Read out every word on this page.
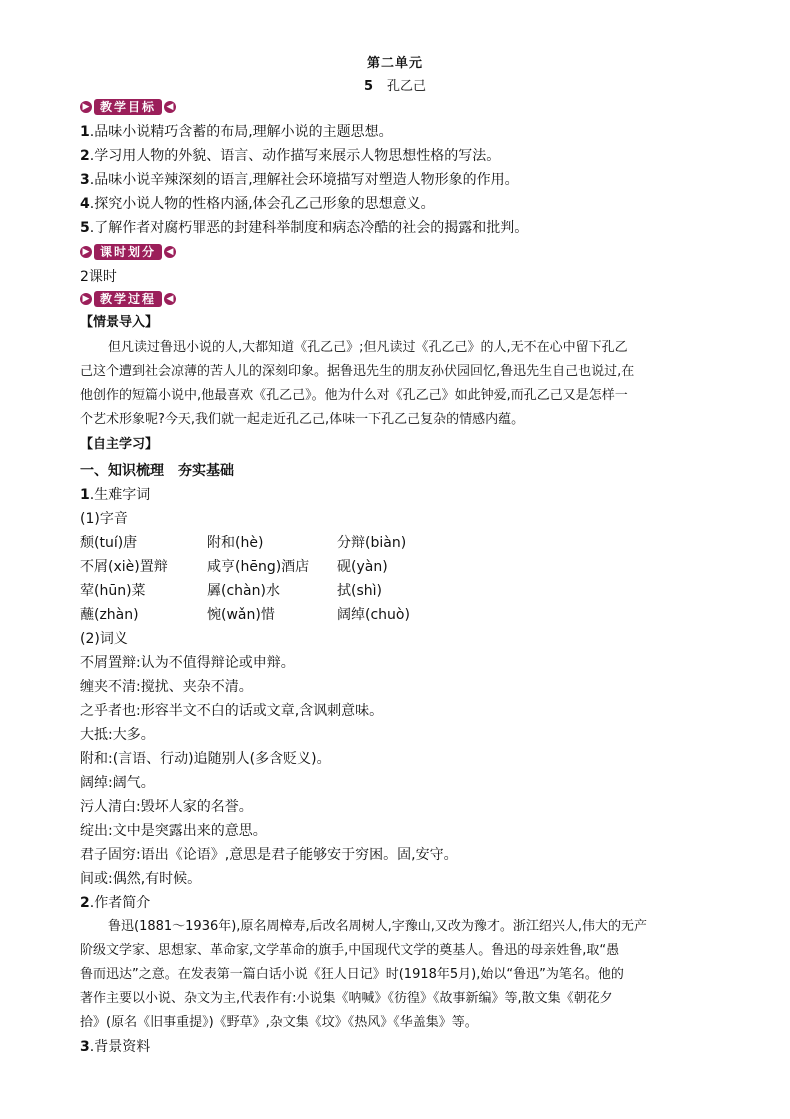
第二单元
5 孔乙己
▶ 教学目标	◀
1.品味小说精巧含蓄的布局,理解小说的主题思想。
2.学习用人物的外貌、语言、动作描写来展示人物思想性格的写法。
3.品味小说辛辣深刻的语言,理解社会环境描写对塑造人物形象的作用。
4.探究小说人物的性格内涵,体会孔乙己形象的思想意义。
5.了解作者对腐朽罪恶的封建科举制度和病态冷酷的社会的揭露和批判。
▶ 课时划分	◀
2课时
▶ 教学过程	◀
【情景导入】
但凡读过鲁迅小说的人,大都知道《孔乙己》;但凡读过《孔乙己》的人,无不在心中留下孔乙
己这个遭到社会凉薄的苦人儿的深刻印象。据鲁迅先生的朋友孙伏园回忆,鲁迅先生自己也说过,在
他创作的短篇小说中,他最喜欢《孔乙己》。他为什么对《孔乙己》如此钟爱,而孔乙己又是怎样一
个艺术形象呢?今天,我们就一起走近孔乙己,体味一下孔乙己复杂的情感内蕴。
【自主学习】
一、知识梳理　夯实基础
1.生难字词
(1)字音
颓(tuí)唐	附和(hè)	分辩(biàn)
不屑(xiè)置辩	咸亨(hēng)酒店 砚(yàn)
荤(hūn)菜	羼(chàn)水	拭(shì)
蘸(zhàn)	惋(wǎn)惜	阔绰(chuò)
(2)词义
不屑置辩:认为不值得辩论或申辩。
缠夹不清:搅扰、夹杂不清。
之乎者也:形容半文不白的话或文章,含讽刺意味。
大抵:大多。
附和:(言语、行动)追随别人(多含贬义)。
阔绰:阔气。
污人清白:毁坏人家的名誉。
绽出:文中是突露出来的意思。
君子固穷:语出《论语》,意思是君子能够安于穷困。固,安守。
间或:偶然,有时候。
2.作者简介
鲁迅(1881～1936年),原名周樟寿,后改名周树人,字豫山,又改为豫才。浙江绍兴人,伟大的无产
阶级文学家、思想家、革命家,文学革命的旗手,中国现代文学的奠基人。鲁迅的母亲姓鲁,取“愚
鲁而迅达”之意。在发表第一篇白话小说《狂人日记》时(1918年5月),始以“鲁迅”为笔名。他的
著作主要以小说、杂文为主,代表作有:小说集《呐喊》《彷徨》《故事新编》等,散文集《朝花夕
拾》(原名《旧事重提》)《野草》,杂文集《坟》《热风》《华盖集》等。
3.背景资料
